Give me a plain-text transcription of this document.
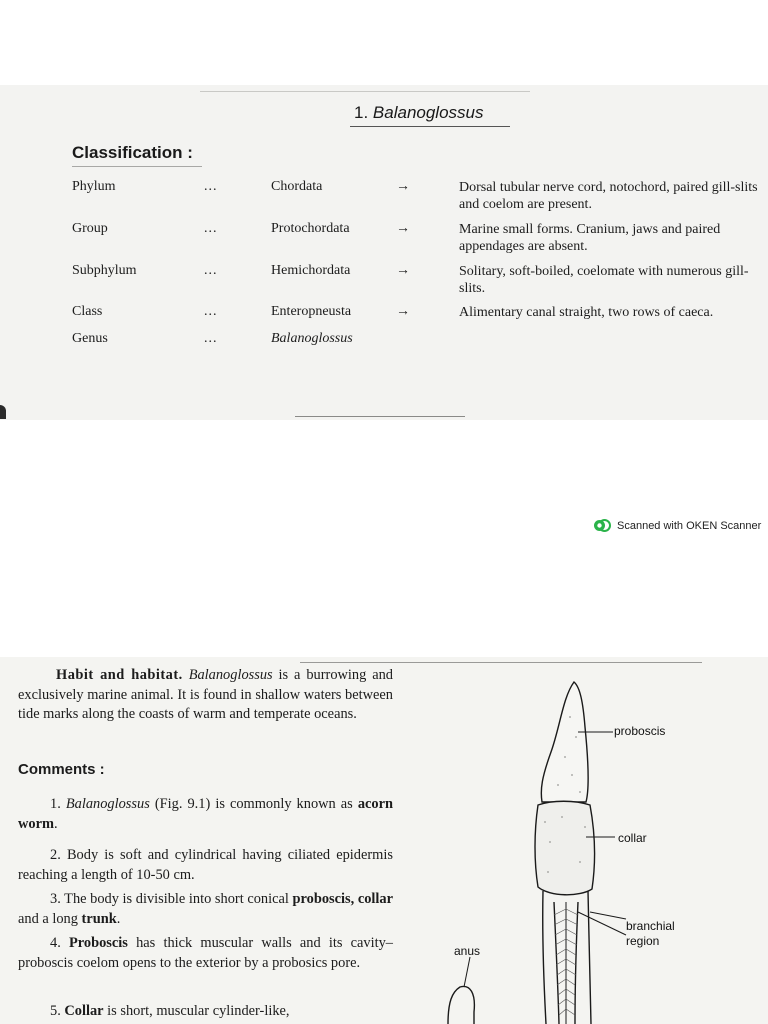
1. Balanoglossus
Classification :
Phylum	...	Chordata	→	Dorsal tubular nerve cord, notochord, paired gill-slits and coelom are present.
Group	...	Protochordata	→	Marine small forms. Cranium, jaws and paired appendages are absent.
Subphylum	...	Hemichordata	→	Solitary, soft-boiled, coelomate with numerous gill-slits.
Class	...	Enteropneusta	→	Alimentary canal straight, two rows of caeca.
Genus	...	Balanoglossus
Scanned with OKEN Scanner
Habit and habitat. Balanoglossus is a burrowing and exclusively marine animal. It is found in shallow waters between tide marks along the coasts of warm and temperate oceans.
Comments :
1. Balanoglossus (Fig. 9.1) is commonly known as acorn worm.
2. Body is soft and cylindrical having ciliated epidermis reaching a length of 10-50 cm.
3. The body is divisible into short conical proboscis, collar and a long trunk.
4. Proboscis has thick muscular walls and its cavity–proboscis coelom opens to the exterior by a probosics pore.
5. Collar is short, muscular cylinder-like,
proboscis
collar
branchial
region
anus
